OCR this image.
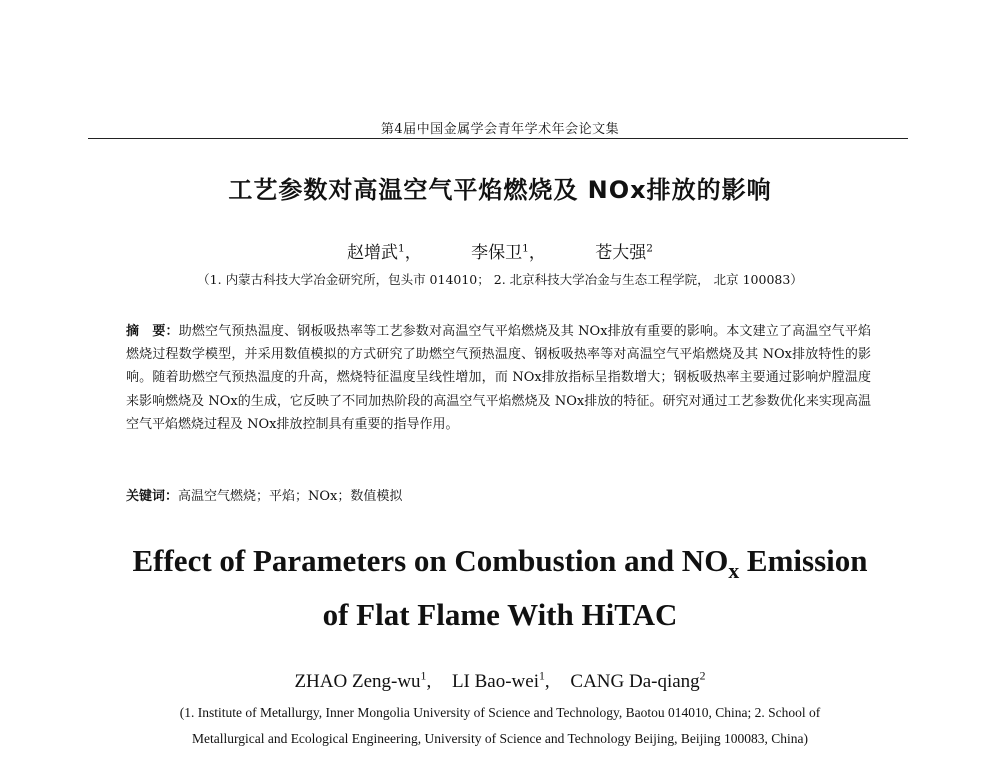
第4届中国金属学会青年学术年会论文集
工艺参数对高温空气平焰燃烧及 NOx排放的影响
赵增武$^1$，	李保卫$^1$，	苍大强$^2$
（1. 内蒙古科技大学冶金研究所，包头市 014010； 2. 北京科技大学冶金与生态工程学院， 北京 100083）
摘　要：助燃空气预热温度、钢板吸热率等工艺参数对高温空气平焰燃烧及其 NOx排放有重要的影响。本文建立了高温空气平焰燃烧过程数学模型，并采用数值模拟的方式研究了助燃空气预热温度、钢板吸热率等对高温空气平焰燃烧及其 NOx排放特性的影响。随着助燃空气预热温度的升高，燃烧特征温度呈线性增加，而 NOx排放指标呈指数增大；钢板吸热率主要通过影响炉膛温度来影响燃烧及 NOx的生成，它反映了不同加热阶段的高温空气平焰燃烧及 NOx排放的特征。研究对通过工艺参数优化来实现高温空气平焰燃烧过程及 NOx排放控制具有重要的指导作用。
关键词：高温空气燃烧；平焰；NOx；数值模拟
Effect of Parameters on Combustion and $NO_x$ Emission
of Flat Flame With HiTAC
ZHAO Zeng-$wu^1$, LI Bao-wei$^1$, CANG Da-qiang$^2$
(1. Institute of Metallurgy, Inner Mongolia University of Science and Technology, Baotou 014010, China; 2. School of
Metallurgical and Ecological Engineering, University of Science and Technology Beijing, Beijing 100083, China)
